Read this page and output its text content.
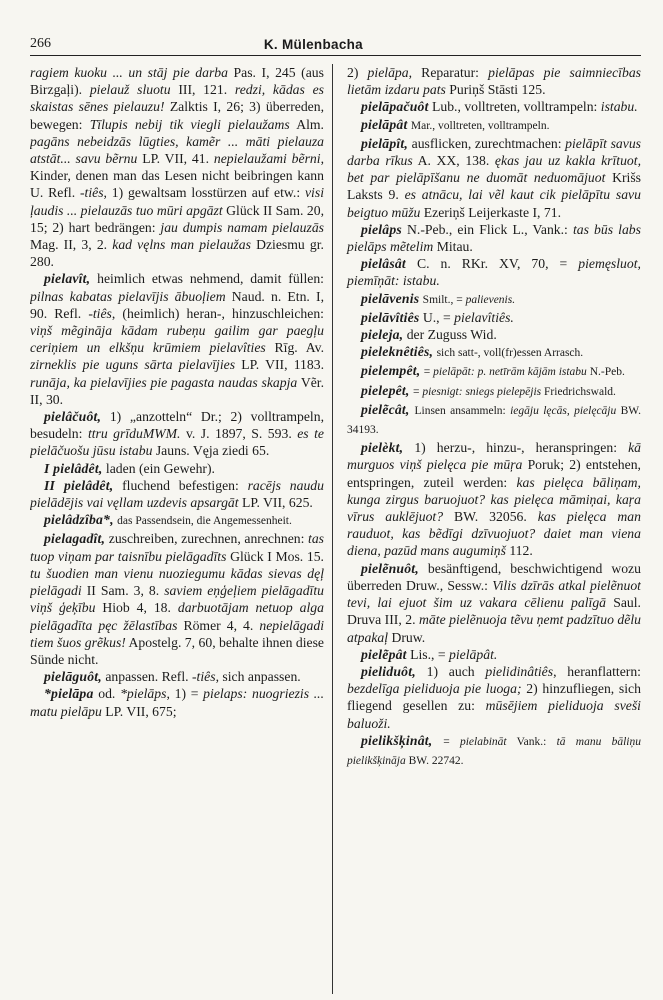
266	K. Mülenbacha

ragiem kuoku ... un stāj pie darba Pas. I, 245 (aus Birzgaļi). pielauž sluotu III, 121. redzi, kādas es skaistas sēnes pielauzu! Zalktis I, 26; 3) überreden, bewegen: Tīlupis nebij tik viegli pielaužams Alm. pagāns nebeidzās lūgties, kamẽr ... māti pielauza atstāt... savu bẽrnu LP. VII, 41. nepielaužami bẽrni, Kinder, denen man das Lesen nicht beibringen kann U. Refl. -tiês, 1) gewaltsam losstürzen auf etw.: visi ļaudis ... pielauzās tuo mūri apgāzt Glück II Sam. 20, 15; 2) hart bedrängen: jau dumpis namam pielauzās Mag. II, 3, 2. kad vęlns man pielaužas Dziesmu gr. 280.

pielavît, heimlich etwas nehmend, damit füllen: pilnas kabatas pielavījis ābuoļiem Naud. n. Etn. I, 90. Refl. -tiês, (heimlich) heran-, hinzuschleichen: viņš mẽgināja kādam rubeņu gailim gar paegļu ceriņiem un elkšņu krūmiem pielavîties Rīg. Av. zirneklis pie uguns sārta pielavījies LP. VII, 1183. runāja, ka pielavījies pie pagasta naudas skapja Vẽr. II, 30.

pielâčuôt, 1) „anzotteln“ Dr.; 2) volltrampeln, besudeln: ttru grīduMWM. v. J. 1897, S. 593. es te pielāčuošu jūsu istabu Jauns. Vęja ziedi 65.

I pielâdêt, laden (ein Gewehr).

II pielâdêt, fluchend befestigen: racējs naudu pielādējis vai vęllam uzdevis apsargāt LP. VII, 625.

pielâdzîba*, das Passendsein, die Angemessenheit.

pielagadît, zuschreiben, zurechnen, anrechnen: tas tuop viņam par taisnību pielāgadīts Glück I Mos. 15. tu šuodien man vienu nuoziegumu kādas sievas dęļ pielāgadi II Sam. 3, 8. saviem eņģeļiem pielāgadītu viņš ģeķību Hiob 4, 18. darbuotājam netuop alga pielāgadīta pęc žēlastības Römer 4, 4. nepielāgadi tiem šuos grẽkus! Apostelg. 7, 60, behalte ihnen diese Sünde nicht.

pielāguôt, anpassen. Refl. -tiês, sich anpassen.

*pielāpa od. *pielāps, 1) = pielaps: nuogriezis ... matu pielāpu LP. VII, 675;

2) pielāpa, Reparatur: pielāpas pie saimniecības lietām izdaru pats Puriņš Stāsti 125.

pielāpačuôt Lub., volltreten, volltrampeln: istabu.

pielāpât Mar., volltreten, volltrampeln.

pielāpît, ausflicken, zurechtmachen: pielāpīt savus darba rīkus A. XX, 138. ękas jau uz kakla krītuot, bet par pielāpīšanu ne duomāt neduomājuot Krišs Laksts 9. es atnācu, lai vẽl kaut cik pielāpītu savu beigtuo mūžu Ezeriņš Leijerkaste I, 71.

pielâps N.-Peb., ein Flick L., Vank.: tas būs labs pielāps mẽtelim Mitau.

pielâsât C. n. RKr. XV, 70, = piemęsluot, piemīņāt: istabu.

pielāvenis Smilt., = palievenis.

pielāvîtiês U., = pielavîtiês.

pieleja, der Zuguss Wid.

pieleknêtiês, sich satt-, voll(fr)essen Arrasch.

pielempêt, = pielāpāt: p. netīrām kājām istabu N.-Peb.

pielepêt, = piesnigt: sniegs pielepējis Friedrichswald.

pielẽcât, Linsen ansammeln: iegāju lęcās, pielęcāju BW. 34193.

pielèkt, 1) herzu-, hinzu-, heranspringen: kā murguos viņš pielęca pie mūŗa Poruk; 2) entstehen, entspringen, zuteil werden: kas pielęca bāliņam, kunga zirgus baruojuot? kas pielęca māmiņai, kaŗa vīrus auklējuot? BW. 32056. kas pielęca man rauduot, kas bẽdīgi dzīvuojuot? daiet man viena diena, pazūd mans augumiņš 112.

pielẽnuôt, besänftigend, beschwichtigend wozu überreden Druw., Sessw.: Vilis dzīrās atkal pielẽnuot tevi, lai ejuot šim uz vakara cēlienu palīgā Saul. Druva III, 2. māte pielẽnuoja tẽvu ņemt padzītuo dẽlu atpakaļ Druw.

pielẽpât Lis., = pielāpât.

pieliduôt, 1) auch pielidinâtiês, heranflattern: bezdelīga pieliduoja pie luoga; 2) hinzufliegen, sich fliegend gesellen zu: mūsējiem pieliduoja sveši baluoži.

pielikšķinât, = pielabināt Vank.: tā manu bāliņu pielikšķināja BW. 22742.
